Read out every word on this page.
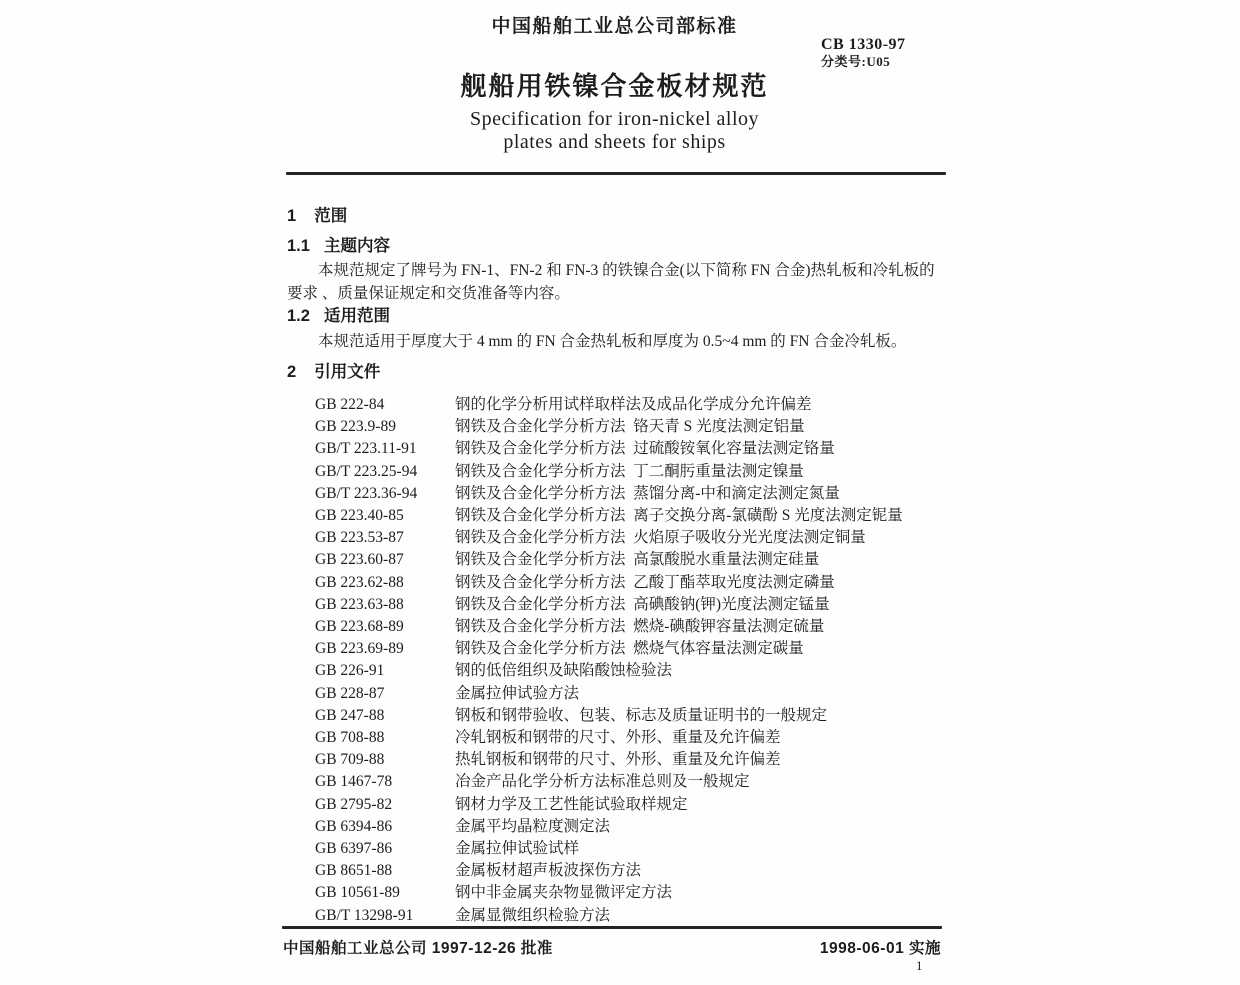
中国船舶工业总公司部标准
CB 1330-97
分类号:U05
舰船用铁镍合金板材规范
Specification for iron-nickel alloy
plates and sheets for ships
1 范围
1.1 主题内容
本规范规定了牌号为 FN-1、FN-2 和 FN-3 的铁镍合金(以下简称 FN 合金)热轧板和冷轧板的
要求 、质量保证规定和交货准备等内容。
1.2 适用范围
本规范适用于厚度大于 4 mm 的 FN 合金热轧板和厚度为 0.5~4 mm 的 FN 合金冷轧板。
2 引用文件
GB 222-84	钢的化学分析用试样取样法及成品化学成分允许偏差
GB 223.9-89	钢铁及合金化学分析方法  铬天青 S 光度法测定铝量
GB/T 223.11-91	钢铁及合金化学分析方法  过硫酸铵氧化容量法测定铬量
GB/T 223.25-94	钢铁及合金化学分析方法  丁二酮肟重量法测定镍量
GB/T 223.36-94	钢铁及合金化学分析方法  蒸馏分离-中和滴定法测定氮量
GB 223.40-85	钢铁及合金化学分析方法  离子交换分离-氯磺酚 S 光度法测定铌量
GB 223.53-87	钢铁及合金化学分析方法  火焰原子吸收分光光度法测定铜量
GB 223.60-87	钢铁及合金化学分析方法  高氯酸脱水重量法测定硅量
GB 223.62-88	钢铁及合金化学分析方法  乙酸丁酯萃取光度法测定磷量
GB 223.63-88	钢铁及合金化学分析方法  高碘酸钠(钾)光度法测定锰量
GB 223.68-89	钢铁及合金化学分析方法  燃烧-碘酸钾容量法测定硫量
GB 223.69-89	钢铁及合金化学分析方法  燃烧气体容量法测定碳量
GB 226-91	钢的低倍组织及缺陷酸蚀检验法
GB 228-87	金属拉伸试验方法
GB 247-88	钢板和钢带验收、包装、标志及质量证明书的一般规定
GB 708-88	冷轧钢板和钢带的尺寸、外形、重量及允许偏差
GB 709-88	热轧钢板和钢带的尺寸、外形、重量及允许偏差
GB 1467-78	冶金产品化学分析方法标准总则及一般规定
GB 2795-82	钢材力学及工艺性能试验取样规定
GB 6394-86	金属平均晶粒度测定法
GB 6397-86	金属拉伸试验试样
GB 8651-88	金属板材超声板波探伤方法
GB 10561-89	钢中非金属夹杂物显微评定方法
GB/T 13298-91	金属显微组织检验方法
中国船舶工业总公司 1997-12-26 批准	1998-06-01 实施
1
